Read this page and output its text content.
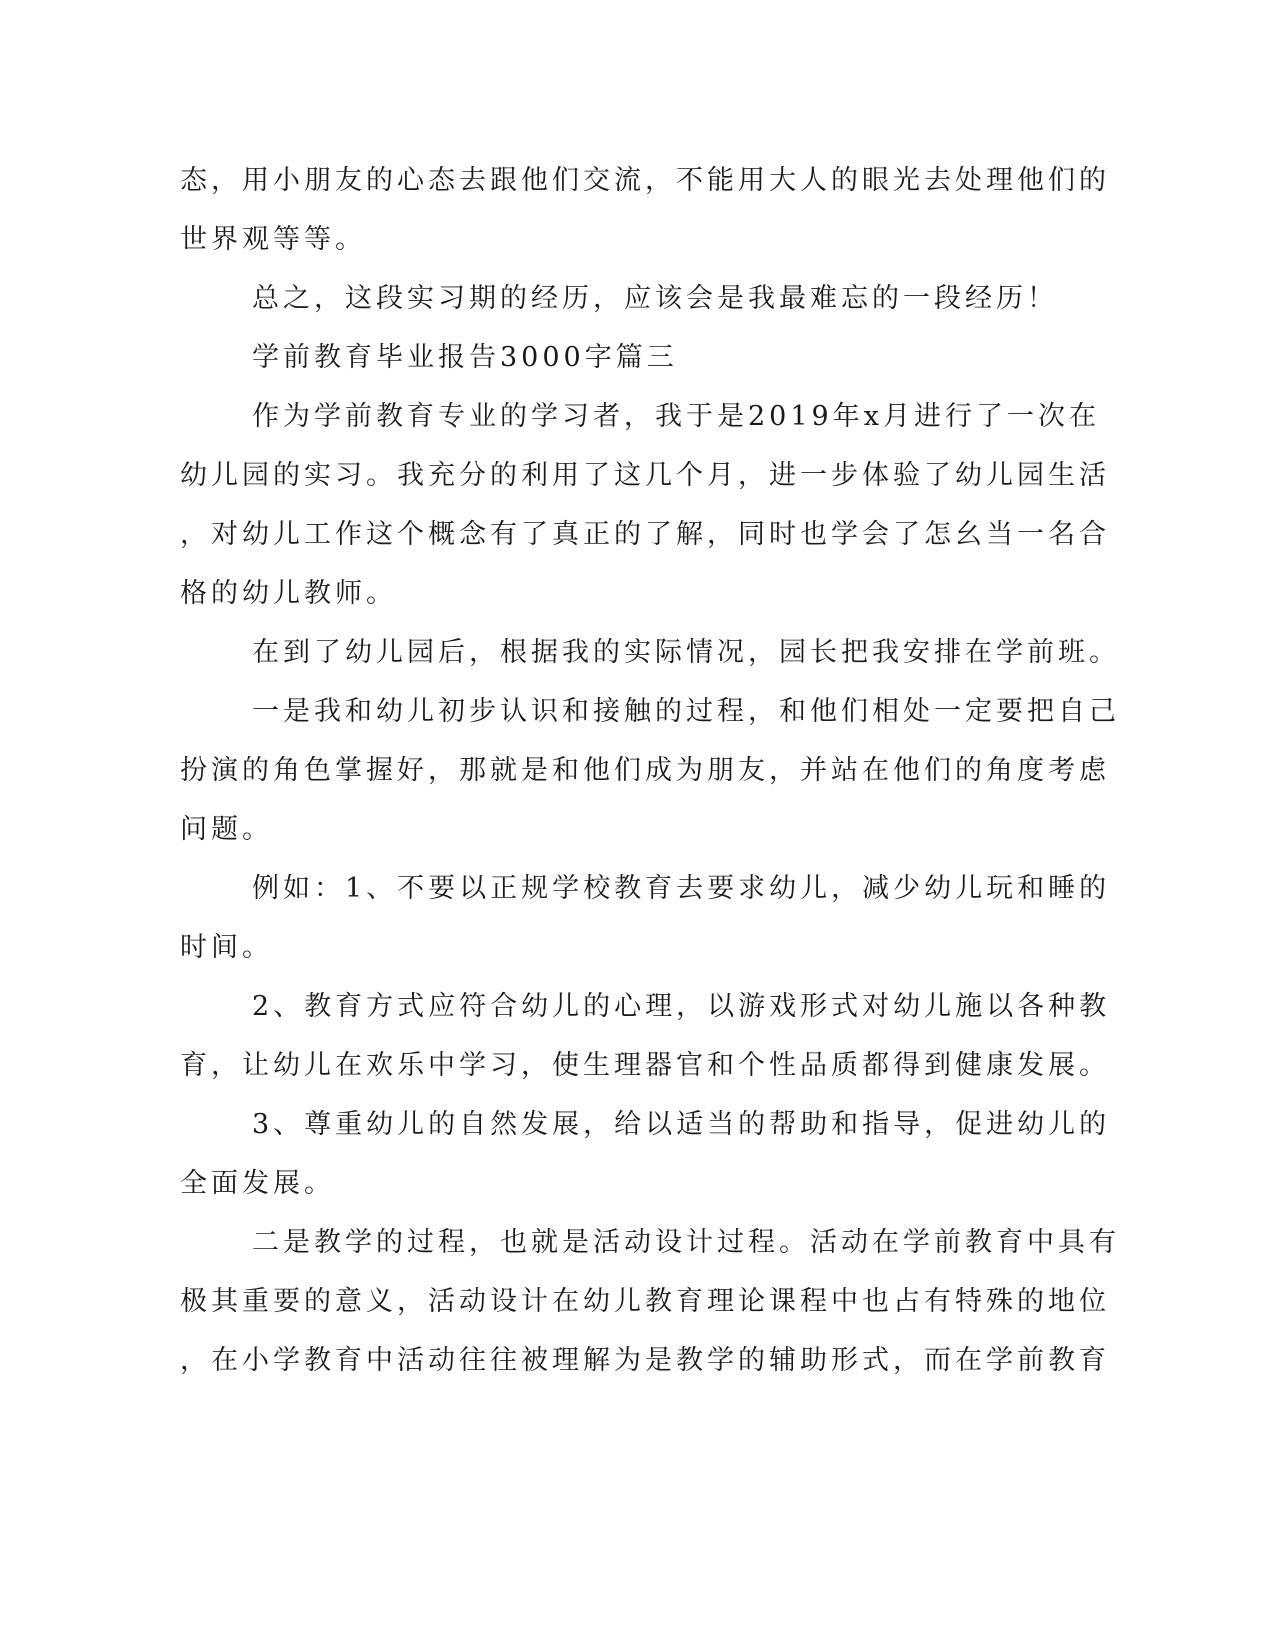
态，用小朋友的心态去跟他们交流，不能用大人的眼光去处理他们的
世界观等等。
总之，这段实习期的经历，应该会是我最难忘的一段经历！
学前教育毕业报告3000字篇三
作为学前教育专业的学习者，我于是2019年x月进行了一次在
幼儿园的实习。我充分的利用了这几个月，进一步体验了幼儿园生活
，对幼儿工作这个概念有了真正的了解，同时也学会了怎幺当一名合
格的幼儿教师。
在到了幼儿园后，根据我的实际情况，园长把我安排在学前班。
一是我和幼儿初步认识和接触的过程，和他们相处一定要把自己
扮演的角色掌握好，那就是和他们成为朋友，并站在他们的角度考虑
问题。
例如：1、不要以正规学校教育去要求幼儿，减少幼儿玩和睡的
时间。
2、教育方式应符合幼儿的心理，以游戏形式对幼儿施以各种教
育，让幼儿在欢乐中学习，使生理器官和个性品质都得到健康发展。
3、尊重幼儿的自然发展，给以适当的帮助和指导，促进幼儿的
全面发展。
二是教学的过程，也就是活动设计过程。活动在学前教育中具有
极其重要的意义，活动设计在幼儿教育理论课程中也占有特殊的地位
，在小学教育中活动往往被理解为是教学的辅助形式，而在学前教育
